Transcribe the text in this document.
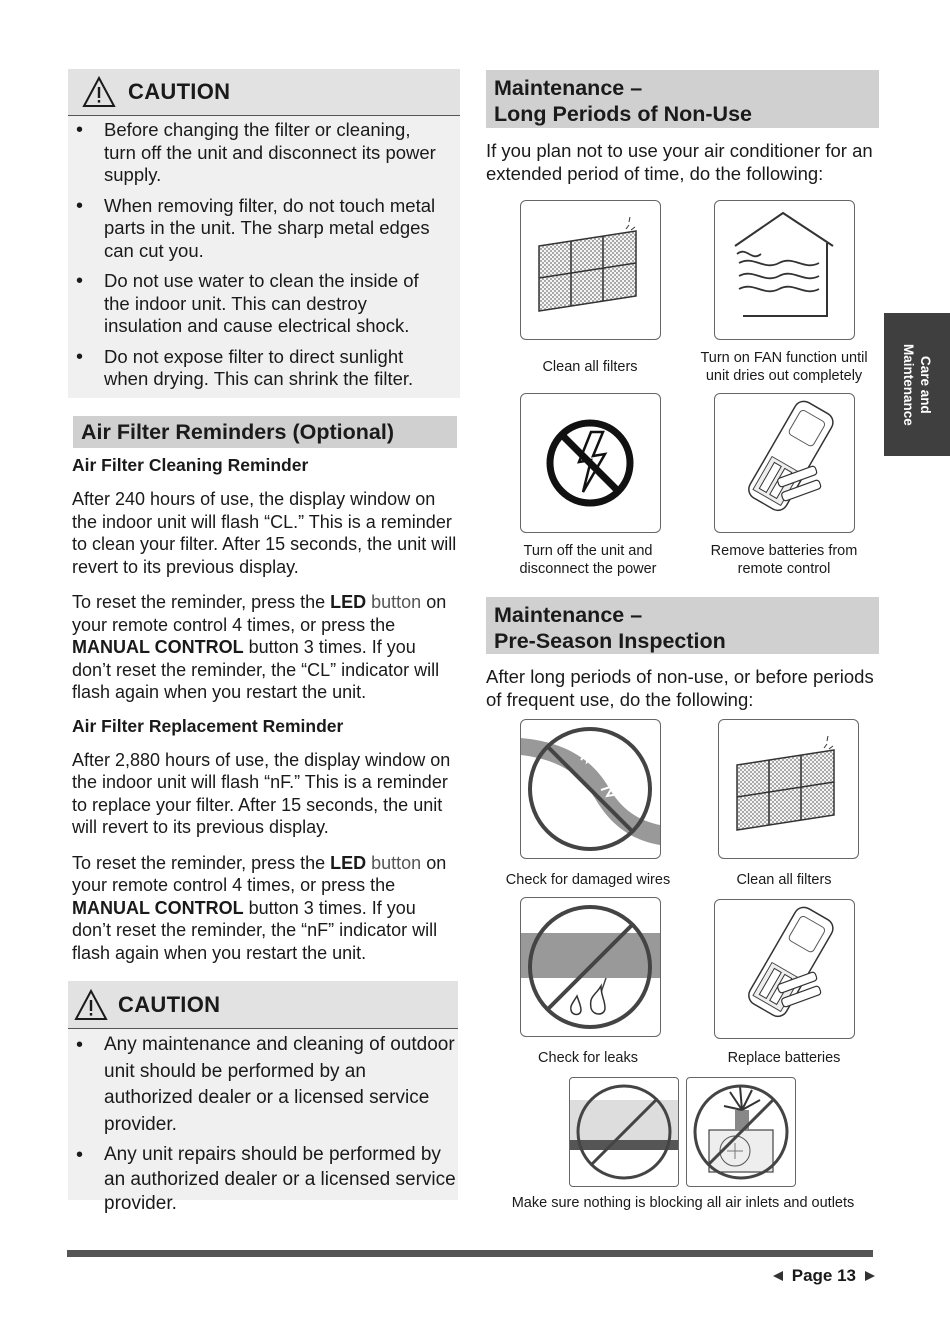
CAUTION
• Before changing the filter or cleaning, turn off the unit and disconnect its power supply.
• When removing filter, do not touch metal parts in the unit. The sharp metal edges can cut you.
• Do not use water to clean the inside of the indoor unit. This can destroy insulation and cause electrical shock.
• Do not expose filter to direct sunlight when drying. This can shrink the filter.
Air Filter Reminders (Optional)
Air Filter Cleaning Reminder
After 240 hours of use, the display window on the indoor unit will flash “CL.” This is a reminder to clean your filter. After 15 seconds, the unit will revert to its previous display.
To reset the reminder, press the LED button on your remote control 4 times, or press the MANUAL CONTROL button 3 times. If you don’t reset the reminder, the “CL” indicator will flash again when you restart the unit.
Air Filter Replacement Reminder
After 2,880 hours of use, the display window on the indoor unit will flash “nF.” This is a reminder to replace your filter. After 15 seconds, the unit will revert to its previous display.
To reset the reminder, press the LED button on your remote control 4 times, or press the MANUAL CONTROL button 3 times. If you don’t reset the reminder, the “nF” indicator will flash again when you restart the unit.
CAUTION
• Any maintenance and cleaning of outdoor unit should be performed by an authorized dealer or a licensed service provider.
• Any unit repairs should be performed by an authorized dealer or a licensed service provider.
Maintenance –
Long Periods of Non-Use
If you plan not to use your air conditioner for an extended period of time, do the following:
Clean all filters
Turn on FAN function until unit dries out completely
Turn off the unit and disconnect the power
Remove batteries from remote control
Maintenance –
Pre-Season Inspection
After long periods of non-use, or before periods of frequent use, do the following:
Check for damaged wires	Clean all filters
Check for leaks	Replace batteries
Make sure nothing is blocking all air inlets and outlets
Care and
Maintenance
Page 13
